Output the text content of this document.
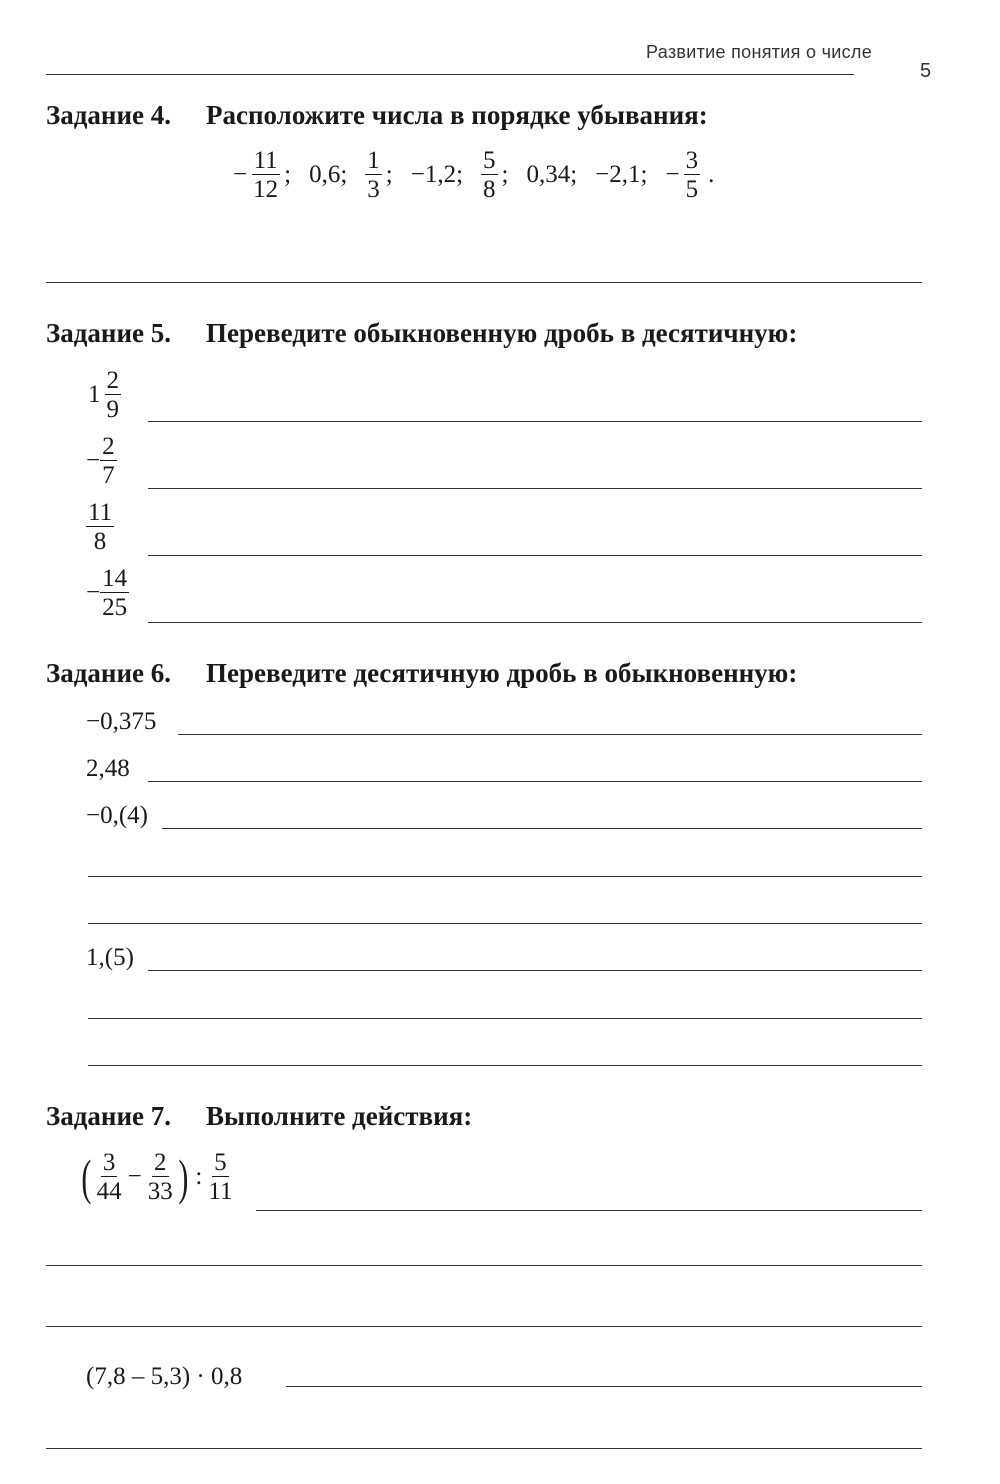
Развитие понятия о числе
5
Задание 4. Расположите числа в порядке убывания:
− $\frac{11}{12}$ ; 0,6; $\frac{1}{3}$ ; −1,2; $\frac{5}{8}$ ; 0,34; −2,1; − $\frac{3}{5}$ .
Задание 5. Переведите обыкновенную дробь в десятичную:
$1 \frac{2}{9}$
− $\frac{2}{7}$
$\frac{11}{8}$
− $\frac{14}{25}$
Задание 6. Переведите десятичную дробь в обыкновенную:
−0,375
2,48
−0,(4)
1,(5)
Задание 7. Выполните действия:
( $\frac{3}{44} - \frac{2}{33}$ ) : $\frac{5}{11}$
(7,8 – 5,3) · 0,8
